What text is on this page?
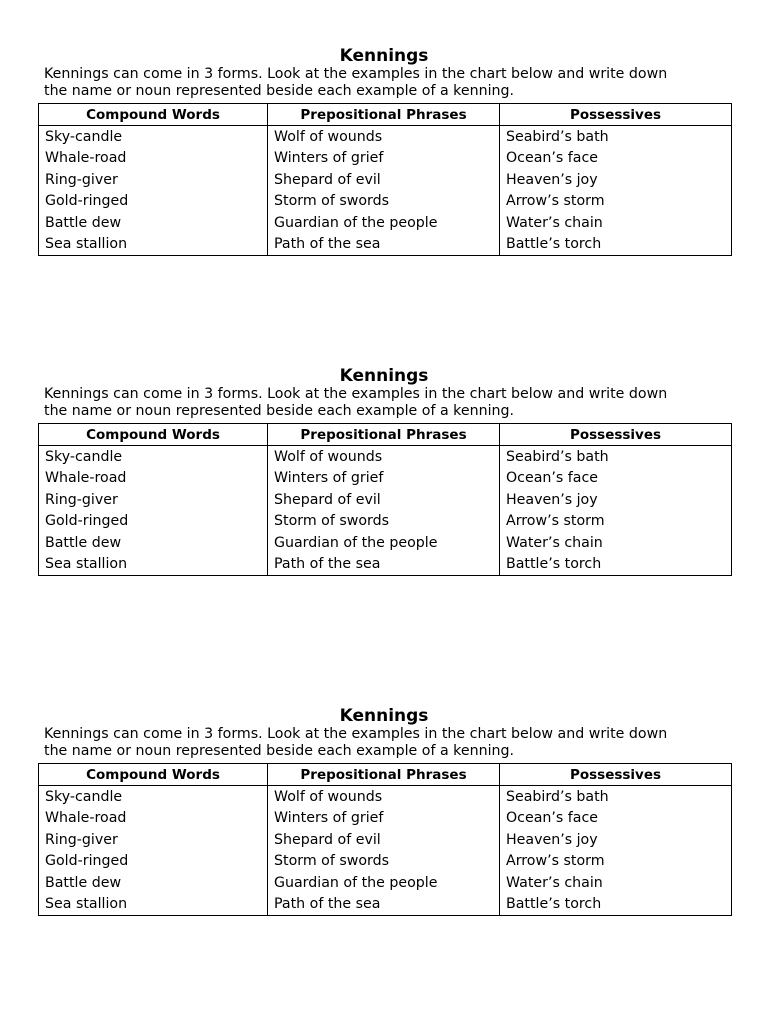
Kennings

Kennings can come in 3 forms. Look at the examples in the chart below and write down
the name or noun represented beside each example of a kenning.

Compound Words	Prepositional Phrases	Possessives
Sky-candle	Wolf of wounds	Seabird’s bath
Whale-road	Winters of grief	Ocean’s face
Ring-giver	Shepard of evil	Heaven’s joy
Gold-ringed	Storm of swords	Arrow’s storm
Battle dew	Guardian of the people	Water’s chain
Sea stallion	Path of the sea	Battle’s torch
Kennings

Kennings can come in 3 forms. Look at the examples in the chart below and write down
the name or noun represented beside each example of a kenning.

Compound Words	Prepositional Phrases	Possessives
Sky-candle	Wolf of wounds	Seabird’s bath
Whale-road	Winters of grief	Ocean’s face
Ring-giver	Shepard of evil	Heaven’s joy
Gold-ringed	Storm of swords	Arrow’s storm
Battle dew	Guardian of the people	Water’s chain
Sea stallion	Path of the sea	Battle’s torch
Kennings

Kennings can come in 3 forms. Look at the examples in the chart below and write down
the name or noun represented beside each example of a kenning.

Compound Words	Prepositional Phrases	Possessives
Sky-candle	Wolf of wounds	Seabird’s bath
Whale-road	Winters of grief	Ocean’s face
Ring-giver	Shepard of evil	Heaven’s joy
Gold-ringed	Storm of swords	Arrow’s storm
Battle dew	Guardian of the people	Water’s chain
Sea stallion	Path of the sea	Battle’s torch
